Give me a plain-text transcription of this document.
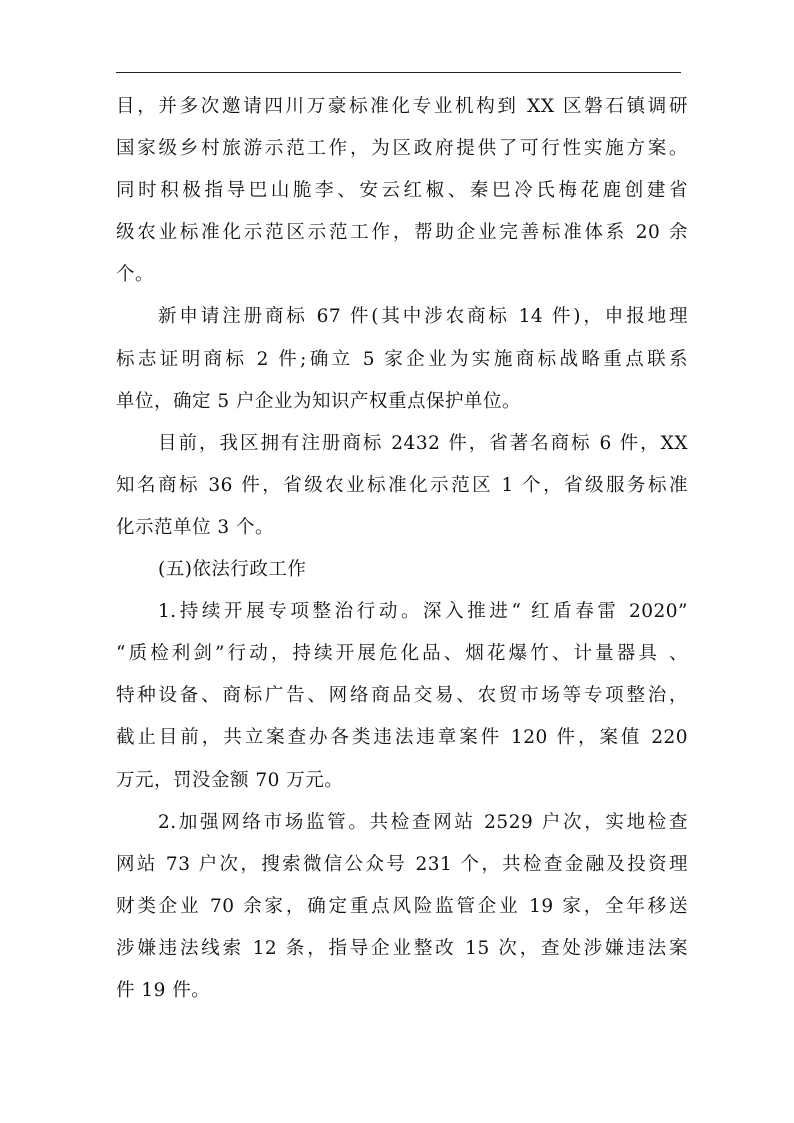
目，并多次邀请四川万豪标准化专业机构到 XX 区磐石镇调研
国家级乡村旅游示范工作，为区政府提供了可行性实施方案。
同时积极指导巴山脆李、安云红椒、秦巴冷氏梅花鹿创建省
级农业标准化示范区示范工作，帮助企业完善标准体系 20 余
个。

新申请注册商标 67 件(其中涉农商标 14 件)，申报地理
标志证明商标 2 件;确立 5 家企业为实施商标战略重点联系
单位，确定 5 户企业为知识产权重点保护单位。

目前，我区拥有注册商标 2432 件，省著名商标 6 件，XX
知名商标 36 件，省级农业标准化示范区 1 个，省级服务标准
化示范单位 3 个。

(五)依法行政工作

1.持续开展专项整治行动。深入推进“ 红盾春雷 2020”
“质检利剑”行动，持续开展危化品、烟花爆竹、计量器具 、
特种设备、商标广告、网络商品交易、农贸市场等专项整治，
截止目前，共立案查办各类违法违章案件 120 件，案值 220
万元，罚没金额 70 万元。

2.加强网络市场监管。共检查网站 2529 户次，实地检查
网站 73 户次，搜索微信公众号 231 个，共检查金融及投资理
财类企业 70 余家，确定重点风险监管企业 19 家，全年移送
涉嫌违法线索 12 条，指导企业整改 15 次，查处涉嫌违法案
件 19 件。
